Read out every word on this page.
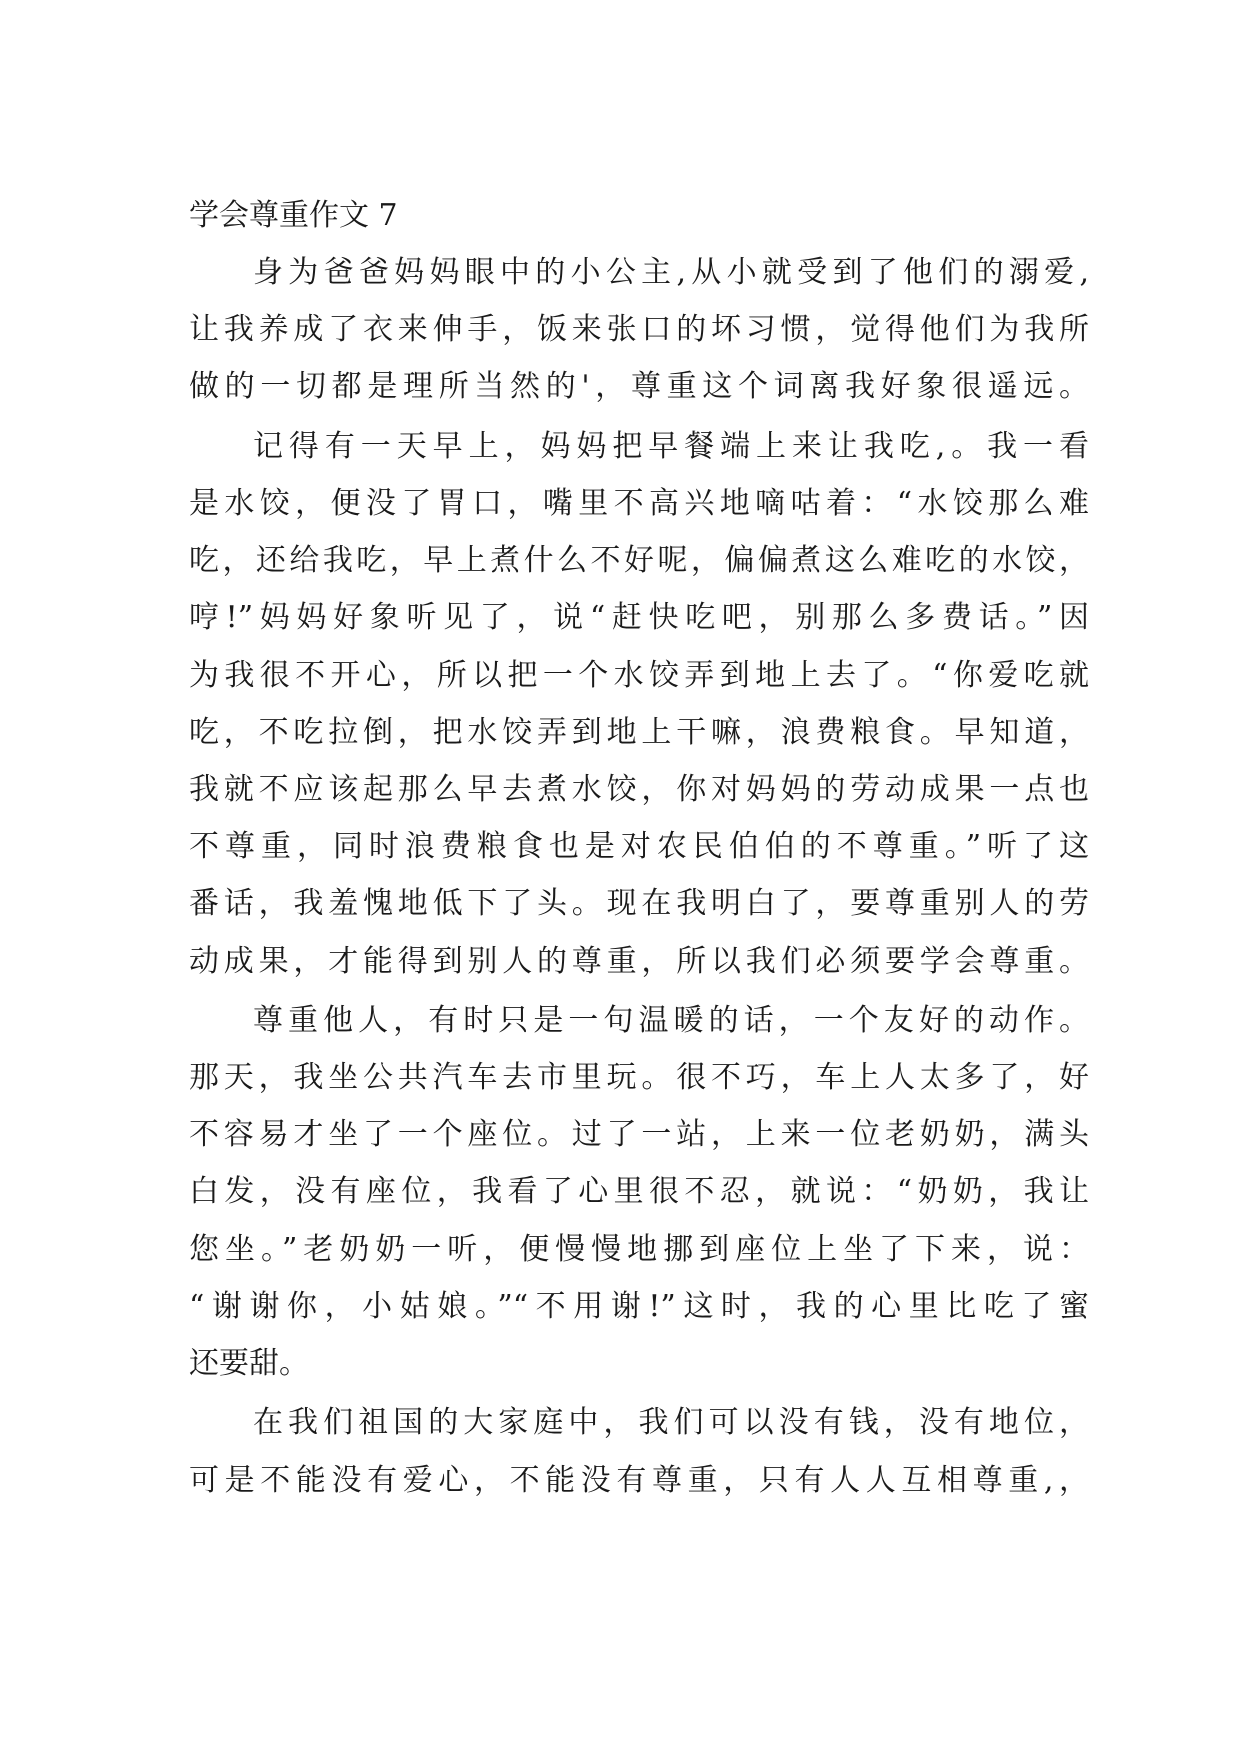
学会尊重作文 7
身为爸爸妈妈眼中的小公主,从小就受到了他们的溺爱,
让我养成了衣来伸手，饭来张口的坏习惯，觉得他们为我所
做的一切都是理所当然的'，尊重这个词离我好象很遥远。
记得有一天早上，妈妈把早餐端上来让我吃,。我一看
是水饺，便没了胃口，嘴里不高兴地嘀咕着：“水饺那么难
吃，还给我吃，早上煮什么不好呢，偏偏煮这么难吃的水饺，
哼!”妈妈好象听见了，说“赶快吃吧，别那么多费话。”因
为我很不开心，所以把一个水饺弄到地上去了。“你爱吃就
吃，不吃拉倒，把水饺弄到地上干嘛，浪费粮食。早知道，
我就不应该起那么早去煮水饺，你对妈妈的劳动成果一点也
不尊重，同时浪费粮食也是对农民伯伯的不尊重。”听了这
番话，我羞愧地低下了头。现在我明白了，要尊重别人的劳
动成果，才能得到别人的尊重，所以我们必须要学会尊重。
尊重他人，有时只是一句温暖的话，一个友好的动作。
那天，我坐公共汽车去市里玩。很不巧，车上人太多了，好
不容易才坐了一个座位。过了一站，上来一位老奶奶，满头
白发，没有座位，我看了心里很不忍，就说：“奶奶，我让
您坐。”老奶奶一听，便慢慢地挪到座位上坐了下来，说：
“谢谢你，小姑娘。”“不用谢!”这时，我的心里比吃了蜜
还要甜。
在我们祖国的大家庭中，我们可以没有钱，没有地位，
可是不能没有爱心，不能没有尊重，只有人人互相尊重,，
